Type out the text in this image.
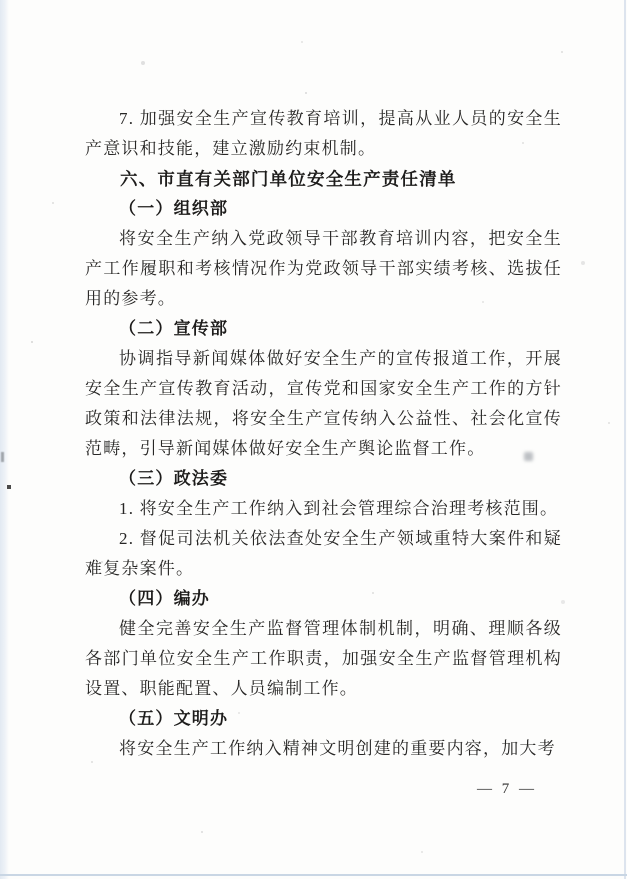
7. 加强安全生产宣传教育培训，提高从业人员的安全生产意识和技能，建立激励约束机制。

六、市直有关部门单位安全生产责任清单

（一）组织部

将安全生产纳入党政领导干部教育培训内容，把安全生产工作履职和考核情况作为党政领导干部实绩考核、选拔任用的参考。

（二）宣传部

协调指导新闻媒体做好安全生产的宣传报道工作，开展安全生产宣传教育活动，宣传党和国家安全生产工作的方针政策和法律法规，将安全生产宣传纳入公益性、社会化宣传范畴，引导新闻媒体做好安全生产舆论监督工作。

（三）政法委

1. 将安全生产工作纳入到社会管理综合治理考核范围。

2. 督促司法机关依法查处安全生产领域重特大案件和疑难复杂案件。

（四）编办

健全完善安全生产监督管理体制机制，明确、理顺各级各部门单位安全生产工作职责，加强安全生产监督管理机构设置、职能配置、人员编制工作。

（五）文明办

将安全生产工作纳入精神文明创建的重要内容，加大考

— 7 —
